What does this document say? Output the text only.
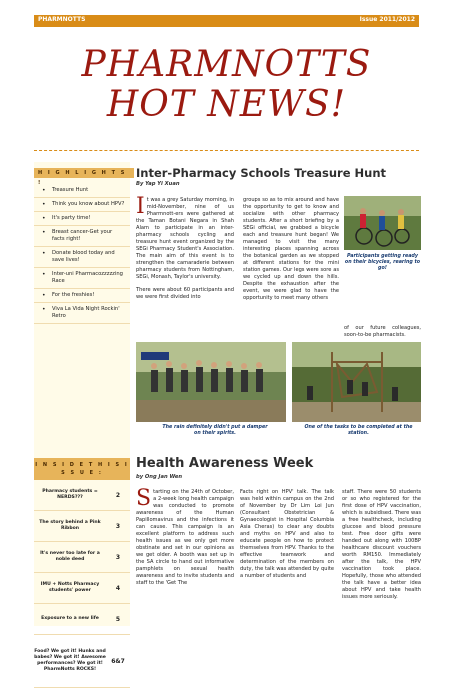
PHARMNOTTS	Issue 2011/2012
PHARMNOTTS
HOT NEWS!
H I G H L I G H T S !
• Treasure Hunt
• Think you know about HPV?
• It's party time!
• Breast cancer-Get your facts right!
• Donate blood today and save lives!
• Inter-uni Pharmacozzzzzing Race
• For the freshies!
• Viva La Vida Night Rockin' Retro
I N S I D E T H I S I S S U E :
Pharmacy students = NERDS???	2
The story behind a Pink Ribbon	3
It's never too late for a noble deed	3
IMU + Notts Pharmacy students' power	4
Exposure to a new life	5
Food? We got it! Hunks and babes? We got it! Awesome performances? We got it! PharmNotts ROCKS!
6&7
Inter-Pharmacy Schools Treasure Hunt
By Yap Yi Xuan
It was a grey Saturday morning, in mid-November, nine of us Pharmnott-ers were gathered at the Taman Botani Negara in Shah Alam to participate in an inter-pharmacy schools cycling and treasure hunt event organized by the SEGi Pharmacy Student's Association. The main aim of this event is to strengthen the camaraderie between pharmacy students from Nottingham, SEGi, Monash, Taylor's university.
There were about 60 participants and we were first divided into
groups so as to mix around and have the opportunity to get to know and socialize with other pharmacy students. After a short briefing by a SEGi official, we grabbed a bicycle each and treasure hunt began! We managed to visit the many interesting places spanning across the botanical garden as we stopped at different stations for the mini station games. Our legs were sore as we cycled up and down the hills. Despite the exhaustion after the event, we were glad to have the opportunity to meet many others
Participants getting ready on their bicycles, rearing to go!
of our future colleagues, soon-to-be pharmacists.
The rain definitely didn't put a damper on their spirits.
One of the tasks to be completed at the station.
Health Awareness Week
by Ong Jan Wen
Starting on the 24th of October, a 2-week long health campaign was conducted to promote awareness of the Human Papillomavirus and the infections it can cause. This campaign is an excellent platform to address such health issues as we only get more obstinate and set in our opinions as we get older. A booth was set up in the SA circle to hand out informative pamphlets on sexual health awareness and to invite students and staff to the 'Get The
Facts right on HPV' talk. The talk was held within campus on the 2nd of November by Dr Lim Loi Jun (Consultant Obstetrician & Gynaecologist in Hospital Columbia Asia Cheras) to clear any doubts and myths on HPV and also to educate people on how to protect themselves from HPV. Thanks to the effective teamwork and determination of the members on duty, the talk was attended by quite a number of students and
staff. There were 50 students or so who registered for the first dose of HPV vaccination, which is subsidised. There was a free healthcheck, including glucose and blood pressure test. Free door gifts were handed out along with 100BP healthcare discount vouchers worth RM150. Immediately after the talk, the HPV vaccination took place. Hopefully, those who attended the talk have a better idea about HPV and take health issues more seriously.
